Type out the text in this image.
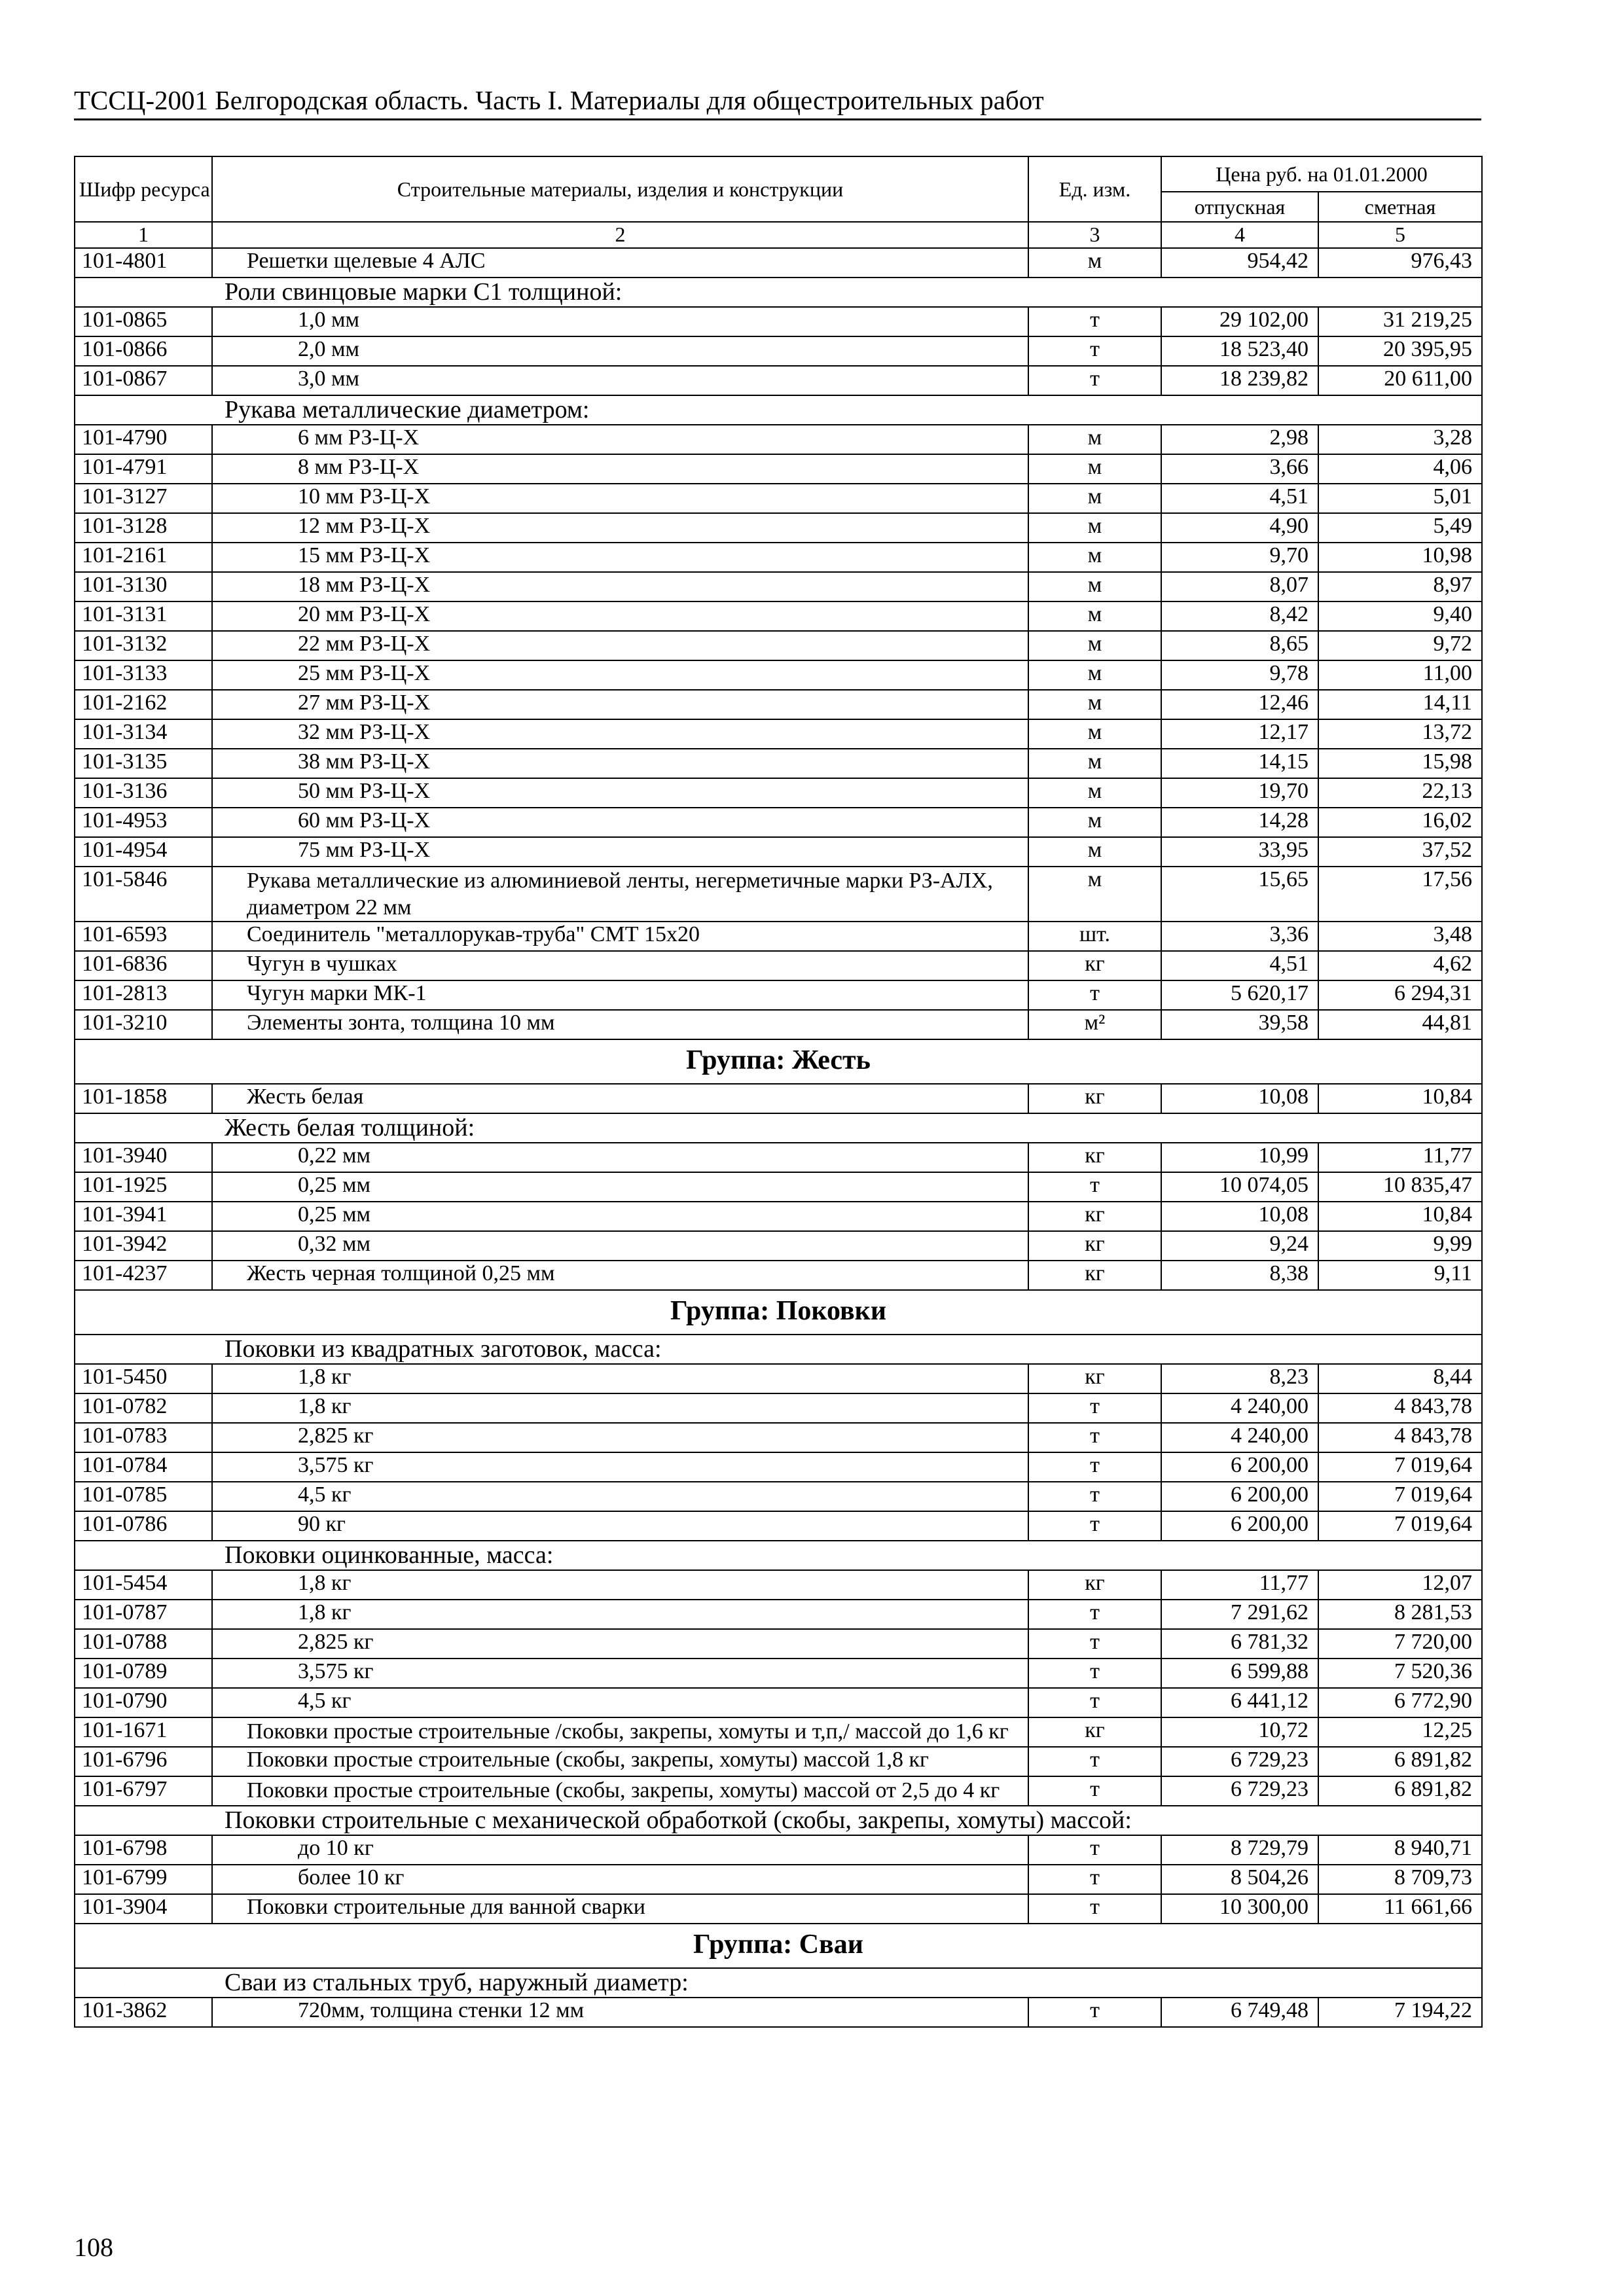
ТССЦ-2001 Белгородская область. Часть I. Материалы для общестроительных работ
Шифр ресурса	Строительные материалы, изделия и конструкции	Ед. изм.	Цена руб. на 01.01.2000	
			отпускная	сметная
1	2	3	4	5
101-4801	Решетки щелевые 4 АЛС	м	954,42	976,43
Роли свинцовые марки С1 толщиной:				
101-0865	1,0 мм	т	29 102,00	31 219,25
101-0866	2,0 мм	т	18 523,40	20 395,95
101-0867	3,0 мм	т	18 239,82	20 611,00
Рукава металлические диаметром:				
101-4790	6 мм РЗ-Ц-Х	м	2,98	3,28
101-4791	8 мм РЗ-Ц-Х	м	3,66	4,06
101-3127	10 мм РЗ-Ц-Х	м	4,51	5,01
101-3128	12 мм РЗ-Ц-Х	м	4,90	5,49
101-2161	15 мм РЗ-Ц-Х	м	9,70	10,98
101-3130	18 мм РЗ-Ц-Х	м	8,07	8,97
101-3131	20 мм РЗ-Ц-Х	м	8,42	9,40
101-3132	22 мм РЗ-Ц-Х	м	8,65	9,72
101-3133	25 мм РЗ-Ц-Х	м	9,78	11,00
101-2162	27 мм РЗ-Ц-Х	м	12,46	14,11
101-3134	32 мм РЗ-Ц-Х	м	12,17	13,72
101-3135	38 мм РЗ-Ц-Х	м	14,15	15,98
101-3136	50 мм РЗ-Ц-Х	м	19,70	22,13
101-4953	60 мм РЗ-Ц-Х	м	14,28	16,02
101-4954	75 мм РЗ-Ц-Х	м	33,95	37,52
101-5846	Рукава металлические из алюминиевой ленты, негерметичные марки РЗ-АЛХ, диаметром 22 мм	м	15,65	17,56
101-6593	Соединитель "металлорукав-труба" СМТ 15х20	шт.	3,36	3,48
101-6836	Чугун в чушках	кг	4,51	4,62
101-2813	Чугун марки МК-1	т	5 620,17	6 294,31
101-3210	Элементы зонта, толщина 10 мм	м²	39,58	44,81
Группа: Жесть				
101-1858	Жесть белая	кг	10,08	10,84
Жесть белая толщиной:				
101-3940	0,22 мм	кг	10,99	11,77
101-1925	0,25 мм	т	10 074,05	10 835,47
101-3941	0,25 мм	кг	10,08	10,84
101-3942	0,32 мм	кг	9,24	9,99
101-4237	Жесть черная толщиной 0,25 мм	кг	8,38	9,11
Группа: Поковки				
Поковки из квадратных заготовок, масса:				
101-5450	1,8 кг	кг	8,23	8,44
101-0782	1,8 кг	т	4 240,00	4 843,78
101-0783	2,825 кг	т	4 240,00	4 843,78
101-0784	3,575 кг	т	6 200,00	7 019,64
101-0785	4,5 кг	т	6 200,00	7 019,64
101-0786	90 кг	т	6 200,00	7 019,64
Поковки оцинкованные, масса:				
101-5454	1,8 кг	кг	11,77	12,07
101-0787	1,8 кг	т	7 291,62	8 281,53
101-0788	2,825 кг	т	6 781,32	7 720,00
101-0789	3,575 кг	т	6 599,88	7 520,36
101-0790	4,5 кг	т	6 441,12	6 772,90
101-1671	Поковки простые строительные /скобы, закрепы, хомуты и т,п,/ массой до 1,6 кг	кг	10,72	12,25
101-6796	Поковки простые строительные (скобы, закрепы, хомуты) массой 1,8 кг	т	6 729,23	6 891,82
101-6797	Поковки простые строительные (скобы, закрепы, хомуты) массой от 2,5 до 4 кг	т	6 729,23	6 891,82
Поковки строительные с механической обработкой (скобы, закрепы, хомуты) массой:				
101-6798	до 10 кг	т	8 729,79	8 940,71
101-6799	более 10 кг	т	8 504,26	8 709,73
101-3904	Поковки строительные для ванной сварки	т	10 300,00	11 661,66
Группа: Сваи				
Сваи из стальных труб, наружный диаметр:				
101-3862	720мм, толщина стенки 12 мм	т	6 749,48	7 194,22
108
